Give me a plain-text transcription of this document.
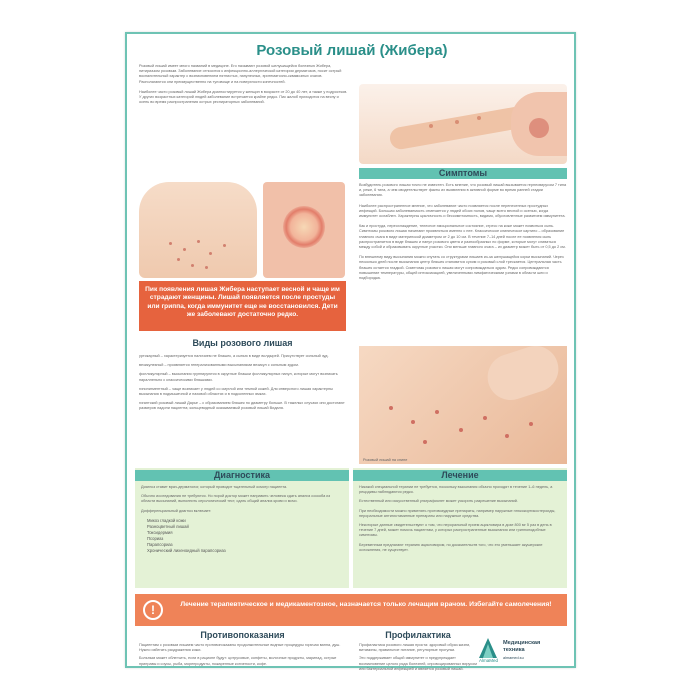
Розовый лишай (Жибера)

Розовый лишай имеет много названий в медицине. Его называют розовой шелушащейся болезнью Жибера, питириазом розовым. Заболевание относится к инфекционно-аллергической категории дерматозов, носит острый воспалительный характер с возникновением пятнистых, папулезных, эритематозно-сквамозных очагов. Располагаются они преимущественно на туловище и на поверхности конечностей.

Наиболее часто розовый лишай Жибера диагностируется у женщин в возрасте от 20 до 40 лет, а также у подростков. У других возрастных категорий людей заболевание встречается крайне редко. Пик жалоб приходится на весну и осень во время распространения острых респираторных заболеваний.

Пик появления лишая Жибера наступает весной и чаще им страдают женщины. Лишай появляется после простуды или гриппа, когда иммунитет еще не восстановился. Дети же заболевают достаточно редко.

Виды розового лишая

уртикарный – характеризуется наличием не блашек, а сыпью в виде волдырей. Присутствует сильный зуд.
везикулезный – проявляется генерализованными высыпаниями везикул с сильным зудом.
фолликулярный – высыпания группируются в округлые блашки фолликулярных папул, которые могут возникать параллельно с классическими бляшками.
гипопигментный – чаще возникает у людей со смуглой или темной кожей. Для инверсного лишая характерны высыпания в подмышечной и паховой областях и в подколенных ямках.
гигантский розовый лишай Дарье – с образованием бляшек по диаметру больше. В тяжелых случаях они достигают размеров ладони пациента; кольцевидный оказываемый розовый лишай Видаля.

Симптомы

Возбудитель розового лишая точно не известен. Есть мнение, что розовый лишай вызывается герпесвирусом 7 типа и, реже, 6 типа, а чем свидетельствует факты их выявления в активной форме во время ранней стадии заболевания.

Наиболее распространенное мнение, что заболевание часто появляется после перенесенных простудных инфекций. Большая заболеваемость отмечается у людей обоих полов, чаще всего весной и осенью, когда иммунитет ослаблен. Характерны цикличность и бессимптомность, видимо, обусловленные развитием иммунитета.

Как и простуда, переохлаждение, телесное эмоциональное состояние, стресс на коже может появиться сыпь. Симптомы розового лишая начинают проявляться именно с нее. Классическое клиническое картино – образование главного очага в виде материнской диаметром от 2 до 10 см. В течение 7–14 дней после ее появления сыпь распространяется в виде блашек и папул розового цвета и разнообразных по форме, которые могут сливаться между собой и образовывать округлые участки. Они меньше главного очага – их диаметр может быть от 0,5 до 2 см.

По внешнему виду высыпания можно спутать со структурами лишаев из-за шелушащейся корки высыпаний. Через несколько дней после высыпания центр бляшек становится сухим и розовый слой трескается. Центральная часть блашек остается гладкой. Симптомы розового лишая могут сопровождаться зудом. Редко сопровождаются повышение температуры, общей интоксикацией, увеличенными лимфатическими узлами в области шеи и подбородка.

Розовый лишай на спине

Диагностика

Диагноз ставит врач-дерматолог, который проводит тщательный осмотр пациента.

Обычно исследования не требуются. Но порой доктор может направить человека сдать анализ соскоба из области высыпаний, выполнить серологический тест, сдать общий анализ крови и мочи.

Дифференциальный диагноз включает:

Микоз гладкой кожи
Разноцветный лишай
Токсидермия
Псориаз
Парапсориаз
Хронический лихеноидный парапсориаз

Лечение

Никакой специальной терапии не требуется, поскольку высыпания обычно проходят в течение 1–6 недель, а рецидивы наблюдаются редко.

Естественный или искусственный ультрафиолет может ускорить разрешение высыпаний.

При необходимости можно применять противозудные препараты, например наружные глюкокортикостероиды, пероральные антигистаминные препараты или наружные средства.

Некоторые данные свидетельствуют о том, что пероральный прием ацикловира в дозе 800 мг 5 раз в день в течение 7 дней, может помочь пациентам, у которых распространенные высыпания или гриппоподобные симптомы.

Беременным предлагают терапию ацикловиром, но доказательств того, что это уменьшает акушерские осложнения, не существует.

!	Лечение терапевтическое и медикаментозное, назначается только лечащим врачом. Избегайте самолечения!

Противопоказания

Пациентам с розовым лишаем часто противопоказаны продолжительные водные процедуры горячая ванна, душ. Нужно избегать раздражения кожи.

Больным может облегчить, если в рационе будут: цитрусовые, конфеты, молочные продукты, маринад, острые приправы и соусы, рыба, морепродукты, пожаренные копчености, кофе.

Профилактика

Профилактика розового лишая проста: здоровый образ жизни, витамины, правильное питание, регулярные прогулки.

Это поддерживает общий иммунитет и предупреждает возникновение целого ряда болезней, спровоцированных вирусом или бактериальной инфекцией и является розовый лишай.

AlmaMed

Медицинская

техника

almamed.su
